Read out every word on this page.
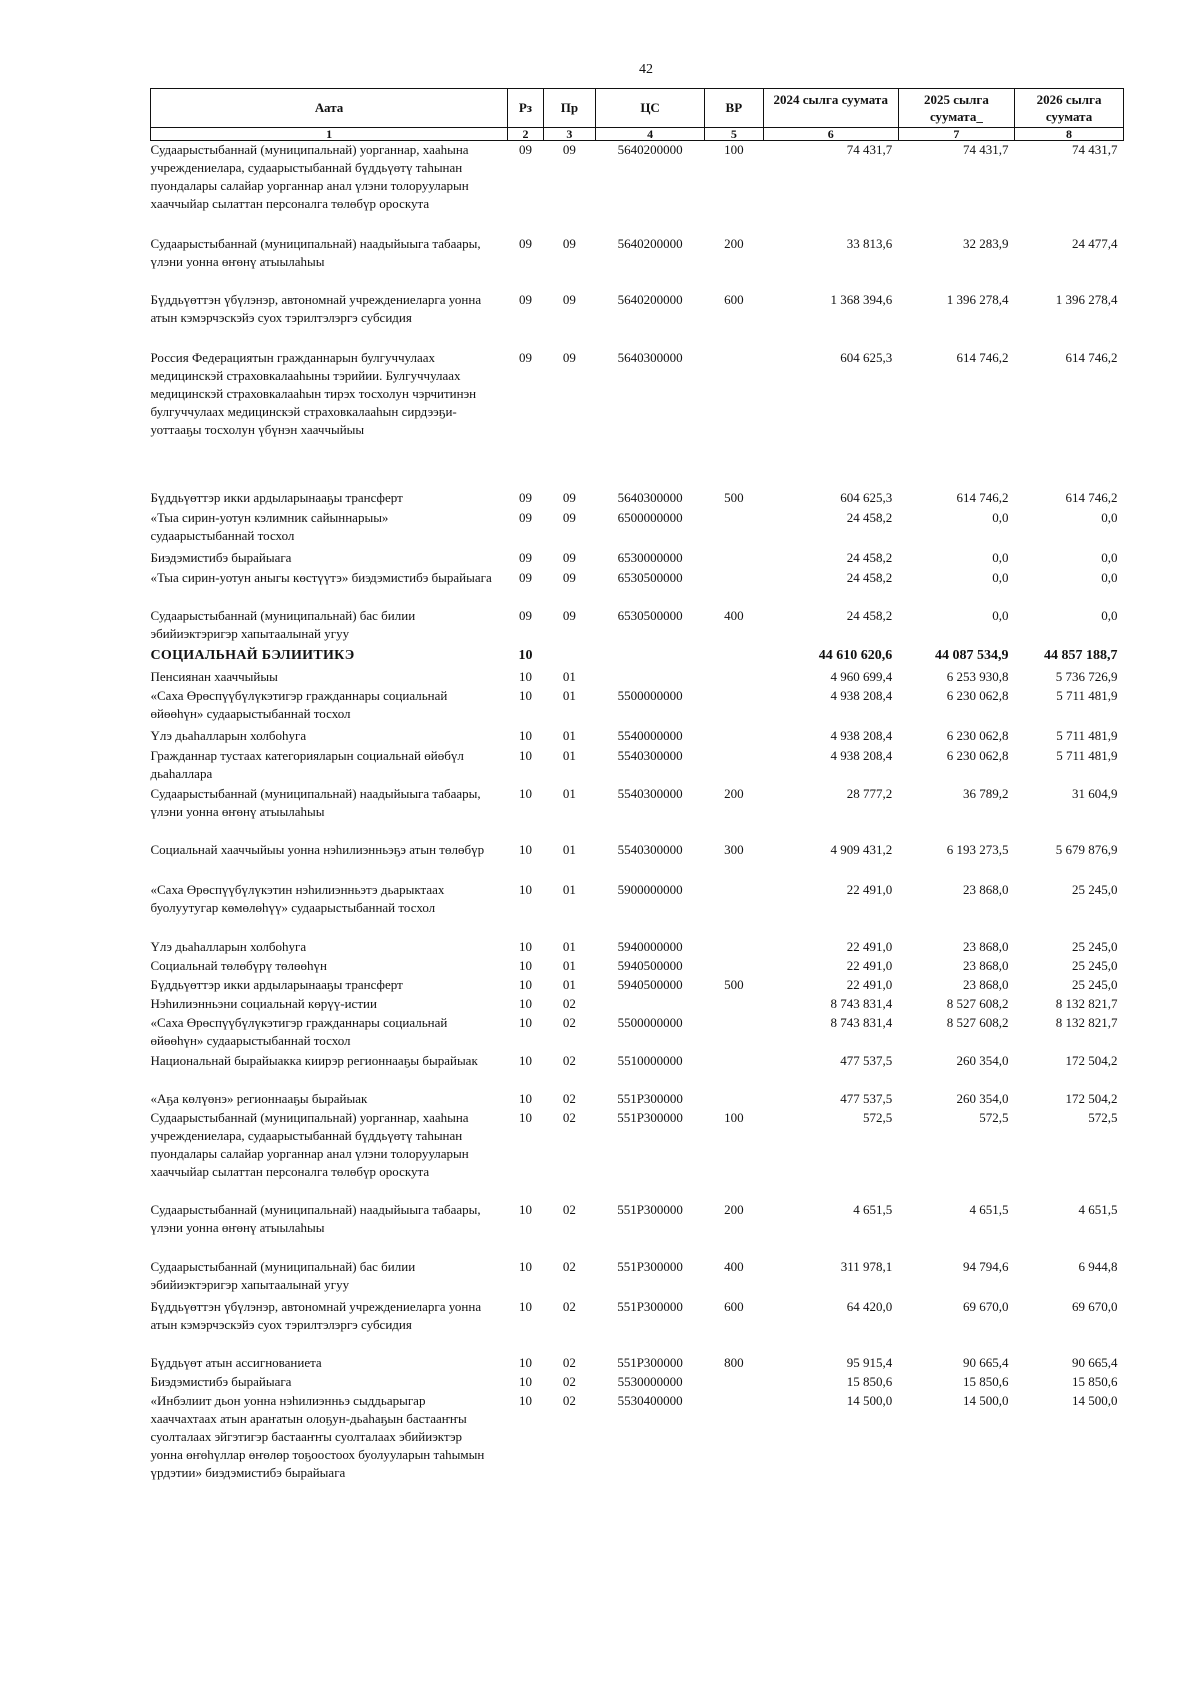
42
Аата	Рз	Пр	ЦС	ВР	2024 сылга суумата	2025 сылга суумата_	2026 сылга суумата
1	2	3	4	5	6	7	8
Судаарыстыбаннай (муниципальнай) уорганнар, хааһына учреждениелара, судаарыстыбаннай бүддьүөтү таһынан пуондалары салайар уорганнар анал үлэни толорууларын хааччыйар сылаттан персоналга төлөбүр ороскута	09	09	5640200000	100	74 431,7	74 431,7	74 431,7
Судаарыстыбаннай (муниципальнай) наадыйыыга табаары, үлэни уонна өҥөнү атыылаһыы	09	09	5640200000	200	33 813,6	32 283,9	24 477,4
Бүддьүөттэн үбүлэнэр, автономнай учреждениеларга уонна атын кэмэрчэскэйэ суох тэрилтэлэргэ субсидия	09	09	5640200000	600	1 368 394,6	1 396 278,4	1 396 278,4
Россия Федерациятын гражданнарын булгуччулаах медицинскэй страховкалааһыны тэрийии. Булгуччулаах медицинскэй страховкалааһын тирэх тосхолун чэрчитинэн булгуччулаах медицинскэй страховкалааһын сирдээҕи-уоттааҕы тосхолун үбүнэн хааччыйыы	09	09	5640300000		604 625,3	614 746,2	614 746,2
Бүддьүөттэр икки ардыларынааҕы трансферт	09	09	5640300000	500	604 625,3	614 746,2	614 746,2
«Тыа сирин-уотун кэлимник сайыннарыы» судаарыстыбаннай тосхол	09	09	6500000000		24 458,2	0,0	0,0
Биэдэмистибэ бырайыага	09	09	6530000000		24 458,2	0,0	0,0
«Тыа сирин-уотун аныгы көстүүтэ» биэдэмистибэ бырайыага	09	09	6530500000		24 458,2	0,0	0,0
Судаарыстыбаннай (муниципальнай) бас билии эбийиэктэригэр хапытаалынай угуу	09	09	6530500000	400	24 458,2	0,0	0,0
СОЦИАЛЬНАЙ БЭЛИИТИКЭ	10				44 610 620,6	44 087 534,9	44 857 188,7
Пенсиянан хааччыйыы	10	01			4 960 699,4	6 253 930,8	5 736 726,9
«Саха Өрөспүүбүлүкэтигэр гражданнары социальнай өйөөһүн» судаарыстыбаннай тосхол	10	01	5500000000		4 938 208,4	6 230 062,8	5 711 481,9
Үлэ дьаһалларын холбоһуга	10	01	5540000000		4 938 208,4	6 230 062,8	5 711 481,9
Гражданнар тустаах категорияларын социальнай өйөбүл дьаһаллара	10	01	5540300000		4 938 208,4	6 230 062,8	5 711 481,9
Судаарыстыбаннай (муниципальнай) наадыйыыга табаары, үлэни уонна өҥөнү атыылаһыы	10	01	5540300000	200	28 777,2	36 789,2	31 604,9
Социальнай хааччыйыы уонна нэһилиэнньэҕэ атын төлөбүр	10	01	5540300000	300	4 909 431,2	6 193 273,5	5 679 876,9
«Саха Өрөспүүбүлүкэтин нэһилиэнньэтэ дьарыктаах буолуутугар көмөлөһүү» судаарыстыбаннай тосхол	10	01	5900000000		22 491,0	23 868,0	25 245,0
Үлэ дьаһалларын холбоһуга	10	01	5940000000		22 491,0	23 868,0	25 245,0
Социальнай төлөбүрү төлөөһүн	10	01	5940500000		22 491,0	23 868,0	25 245,0
Бүддьүөттэр икки ардыларынааҕы трансферт	10	01	5940500000	500	22 491,0	23 868,0	25 245,0
Нэһилиэнньэни социальнай көрүү-истии	10	02			8 743 831,4	8 527 608,2	8 132 821,7
«Саха Өрөспүүбүлүкэтигэр гражданнары социальнай өйөөһүн» судаарыстыбаннай тосхол	10	02	5500000000		8 743 831,4	8 527 608,2	8 132 821,7
Национальнай бырайыакка киирэр регионнааҕы бырайыак	10	02	5510000000		477 537,5	260 354,0	172 504,2
«Аҕа көлүөнэ» регионнааҕы бырайыак	10	02	551P300000		477 537,5	260 354,0	172 504,2
Судаарыстыбаннай (муниципальнай) уорганнар, хааһына учреждениелара, судаарыстыбаннай бүддьүөтү таһынан пуондалары салайар уорганнар анал үлэни толорууларын хааччыйар сылаттан персоналга төлөбүр ороскута	10	02	551P300000	100	572,5	572,5	572,5
Судаарыстыбаннай (муниципальнай) наадыйыыга табаары, үлэни уонна өҥөнү атыылаһыы	10	02	551P300000	200	4 651,5	4 651,5	4 651,5
Судаарыстыбаннай (муниципальнай) бас билии эбийиэктэригэр хапытаалынай угуу	10	02	551P300000	400	311 978,1	94 794,6	6 944,8
Бүддьүөттэн үбүлэнэр, автономнай учреждениеларга уонна атын кэмэрчэскэйэ суох тэрилтэлэргэ субсидия	10	02	551P300000	600	64 420,0	69 670,0	69 670,0
Бүддьүөт атын ассигнованиета	10	02	551P300000	800	95 915,4	90 665,4	90 665,4
Биэдэмистибэ бырайыага	10	02	5530000000		15 850,6	15 850,6	15 850,6
«Инбэлиит дьон уонна нэһилиэнньэ сыддьарыгар хааччахтаах атын араҥатын олоҕун-дьаһаҕын бастааҥҥы суолталаах эйгэтигэр бастааҥҥы суолталаах эбийиэктэр уонна өҥөһүллар өҥөлөр тоҕоостоох буолууларын таһымын үрдэтии» биэдэмистибэ бырайыага	10	02	5530400000		14 500,0	14 500,0	14 500,0
